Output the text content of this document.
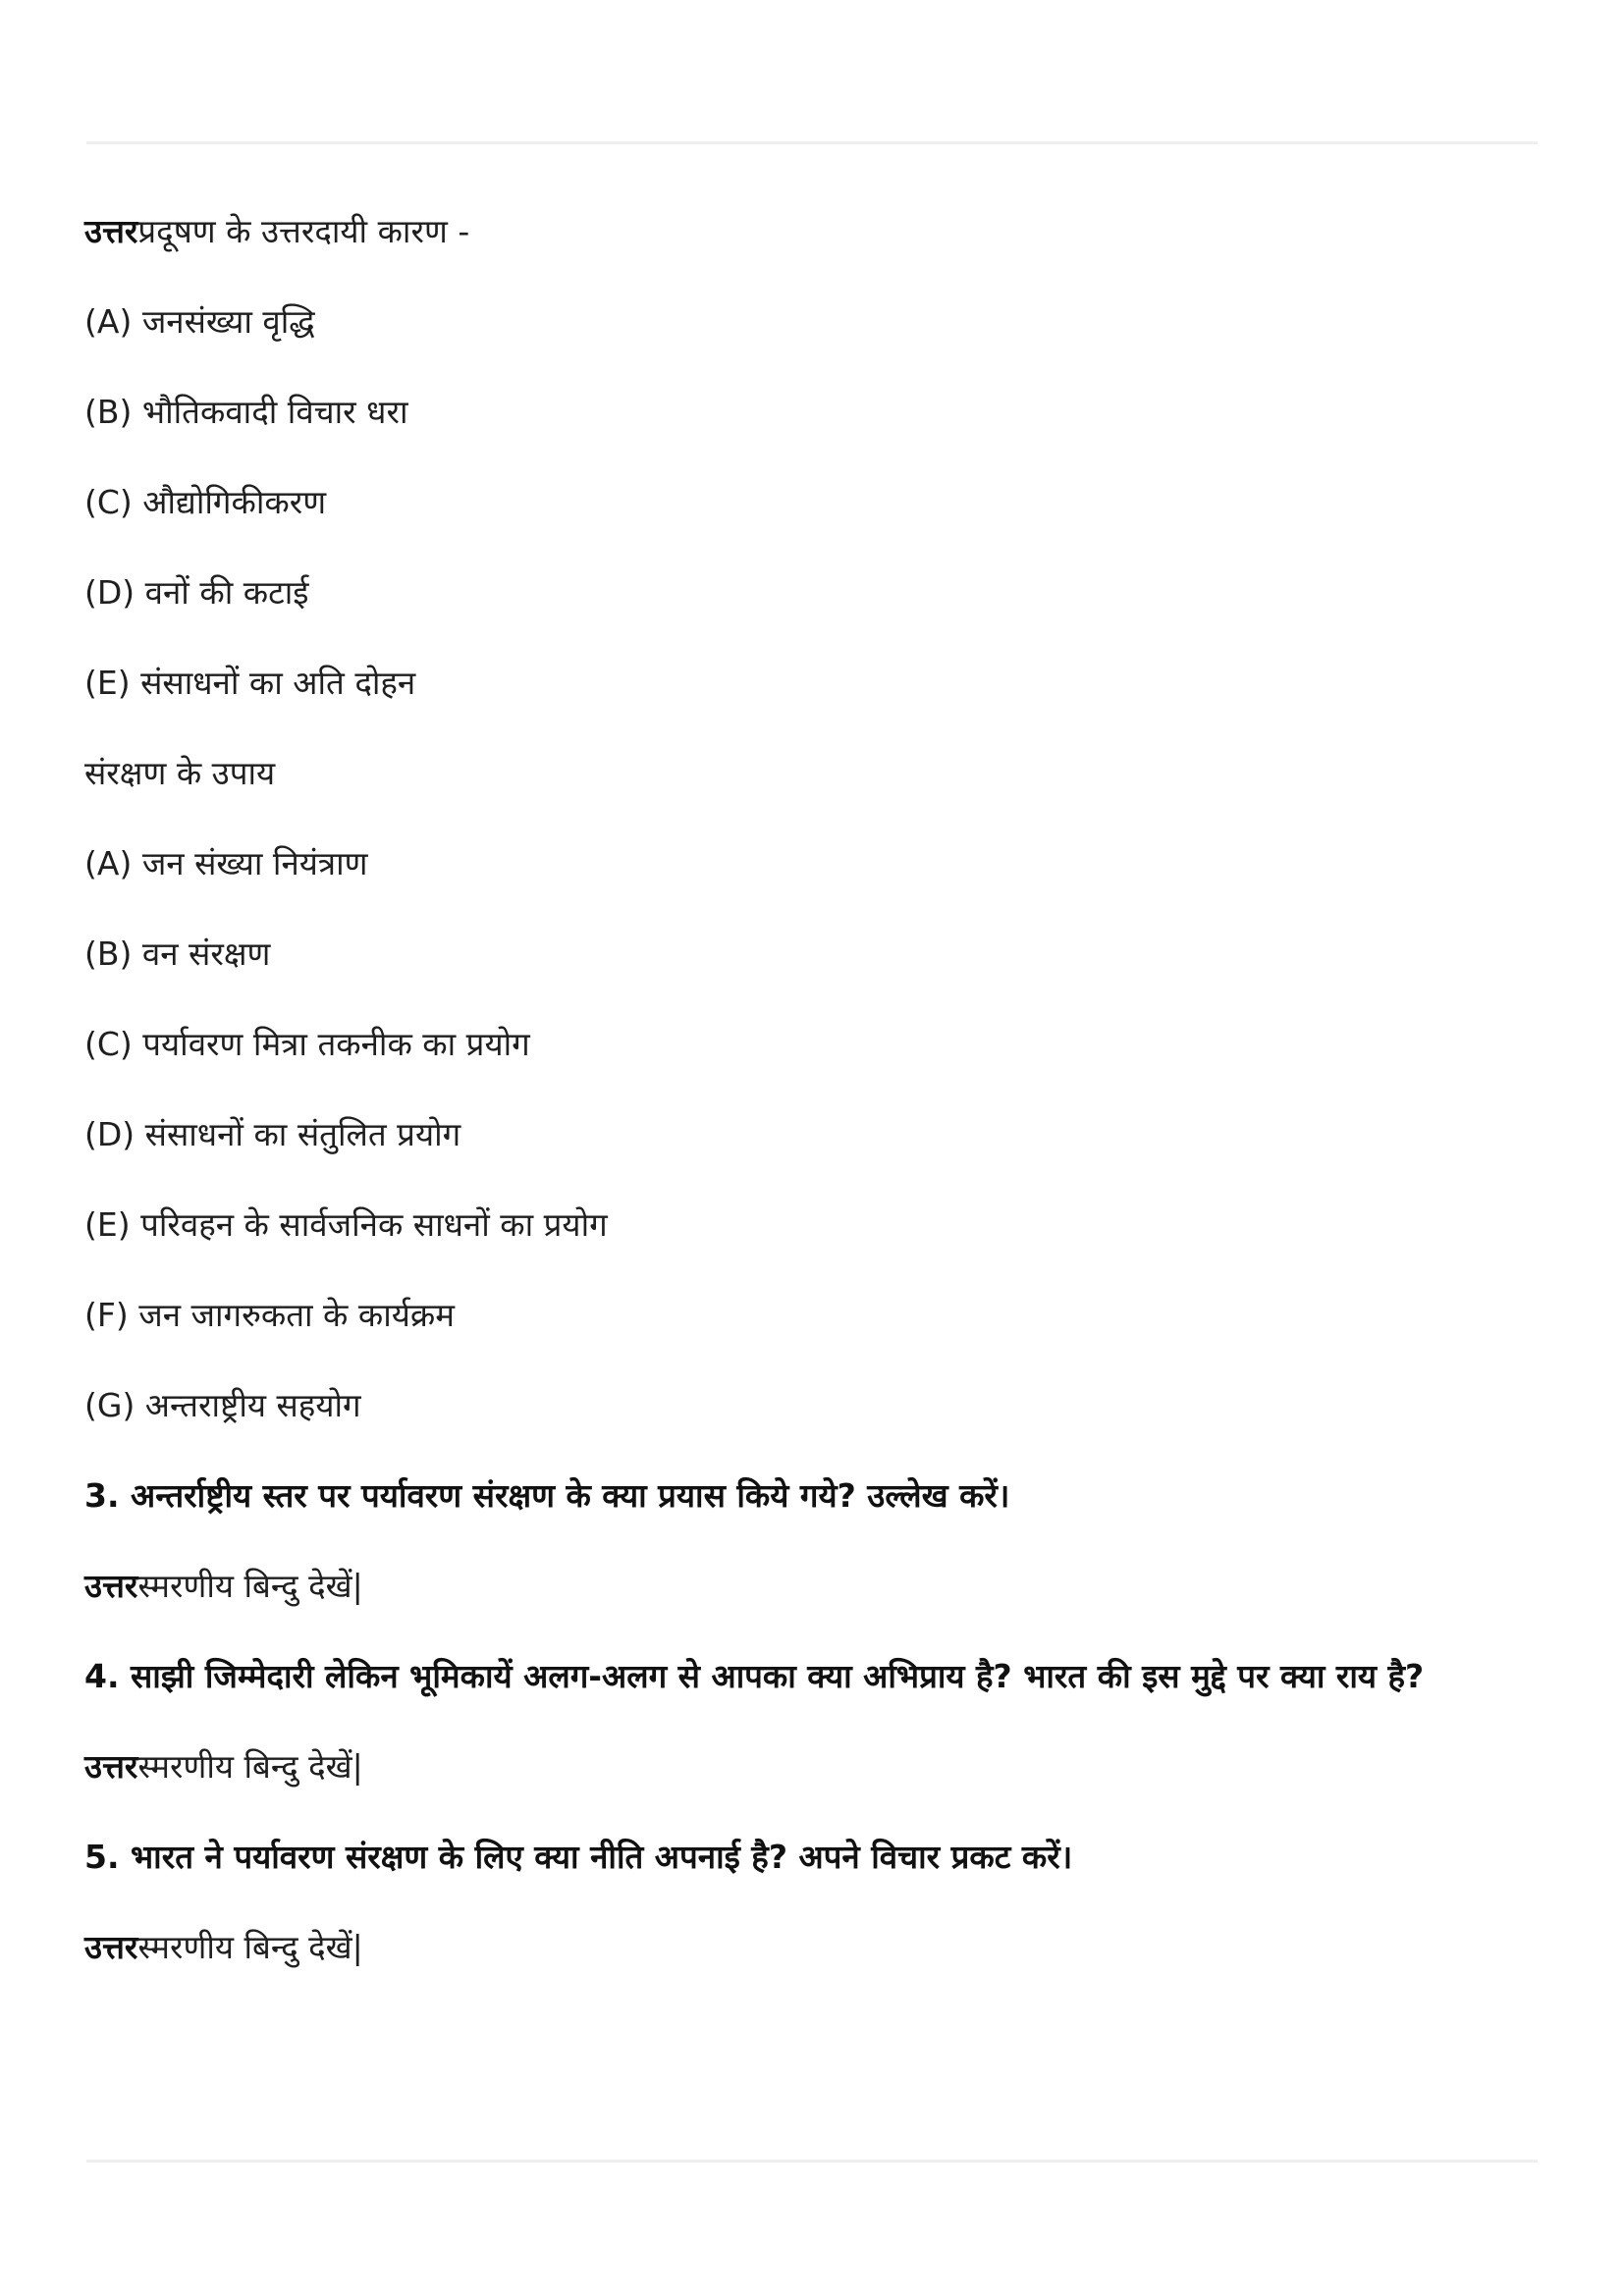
उत्तरप्रदूषण के उत्तरदायी कारण -
(A) जनसंख्या वृद्धि
(B) भौतिकवादी विचार धरा
(C) औद्योगिकीकरण
(D) वनों की कटाई
(E) संसाधनों का अति दोहन
संरक्षण के उपाय
(A) जन संख्या नियंत्राण
(B) वन संरक्षण
(C) पर्यावरण मित्रा तकनीक का प्रयोग
(D) संसाधनों का संतुलित प्रयोग
(E) परिवहन के सार्वजनिक साधनों का प्रयोग
(F) जन जागरुकता के कार्यक्रम
(G) अन्तराष्ट्रीय सहयोग
3. अन्तर्राष्ट्रीय स्तर पर पर्यावरण संरक्षण के क्या प्रयास किये गये? उल्लेख करें।
उत्तरस्मरणीय बिन्दु देखें|
4. साझी जिम्मेदारी लेकिन भूमिकायें अलग-अलग से आपका क्या अभिप्राय है? भारत की इस मुद्दे पर क्या राय है?
उत्तरस्मरणीय बिन्दु देखें|
5. भारत ने पर्यावरण संरक्षण के लिए क्या नीति अपनाई है? अपने विचार प्रकट करें।
उत्तरस्मरणीय बिन्दु देखें|
